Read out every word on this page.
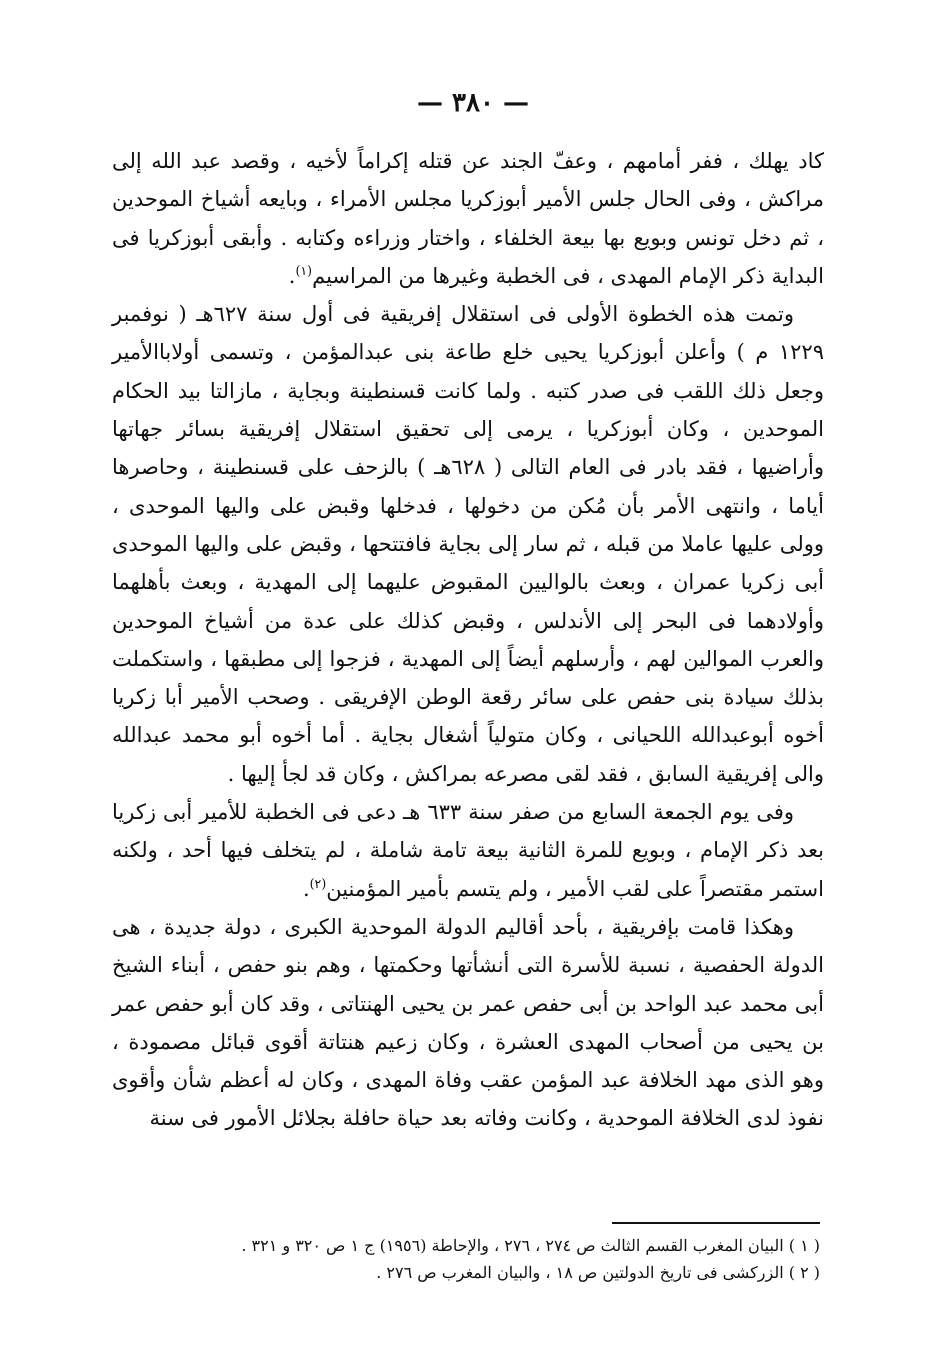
— ٣٨٠ —

كاد يهلك ، ففر أمامهم ، وعفّ الجند عن قتله إكراماً لأخيه ، وقصد عبد الله إلى مراكش ، وفى الحال جلس الأمير أبوزكريا مجلس الأمراء ، وبايعه أشياخ الموحدين ، ثم دخل تونس وبويع بها بيعة الخلفاء ، واختار وزراءه وكتابه . وأبقى أبوزكريا فى البداية ذكر الإمام المهدى ، فى الخطبة وغيرها من المراسيم$^{(١)}$.

وتمت هذه الخطوة الأولى فى استقلال إفريقية فى أول سنة ٦٢٧هـ ( نوفمبر ١٢٢٩ م ) وأعلن أبوزكريا يحيى خلع طاعة بنى عبدالمؤمن ، وتسمى أولاباالأمير وجعل ذلك اللقب فى صدر كتبه . ولما كانت قسنطينة وبجاية ، مازالتا بيد الحكام الموحدين ، وكان أبوزكريا ، يرمى إلى تحقيق استقلال إفريقية بسائر جهاتها وأراضيها ، فقد بادر فى العام التالى ( ٦٢٨هـ ) بالزحف على قسنطينة ، وحاصرها أياما ، وانتهى الأمر بأن مُكن من دخولها ، فدخلها وقبض على واليها الموحدى ، وولى عليها عاملا من قبله ، ثم سار إلى بجاية فافتتحها ، وقبض على واليها الموحدى أبى زكريا عمران ، وبعث بالواليين المقبوض عليهما إلى المهدية ، وبعث بأهلهما وأولادهما فى البحر إلى الأندلس ، وقبض كذلك على عدة من أشياخ الموحدين والعرب الموالين لهم ، وأرسلهم أيضاً إلى المهدية ، فزجوا إلى مطبقها ، واستكملت بذلك سيادة بنى حفص على سائر رقعة الوطن الإفريقى . وصحب الأمير أبا زكريا أخوه أبوعبدالله اللحيانى ، وكان متولياً أشغال بجاية . أما أخوه أبو محمد عبدالله والى إفريقية السابق ، فقد لقى مصرعه بمراكش ، وكان قد لجأ إليها .

وفى يوم الجمعة السابع من صفر سنة ٦٣٣ هـ دعى فى الخطبة للأمير أبى زكريا بعد ذكر الإمام ، وبويع للمرة الثانية بيعة تامة شاملة ، لم يتخلف فيها أحد ، ولكنه استمر مقتصراً على لقب الأمير ، ولم يتسم بأمير المؤمنين$^{(٢)}$.

وهكذا قامت بإفريقية ، بأحد أقاليم الدولة الموحدية الكبرى ، دولة جديدة ، هى الدولة الحفصية ، نسبة للأسرة التى أنشأتها وحكمتها ، وهم بنو حفص ، أبناء الشيخ أبى محمد عبد الواحد بن أبى حفص عمر بن يحيى الهنتاتى ، وقد كان أبو حفص عمر بن يحيى من أصحاب المهدى العشرة ، وكان زعيم هنتاتة أقوى قبائل مصمودة ، وهو الذى مهد الخلافة عبد المؤمن عقب وفاة المهدى ، وكان له أعظم شأن وأقوى نفوذ لدى الخلافة الموحدية ، وكانت وفاته بعد حياة حافلة بجلائل الأمور فى سنة

( ١ ) البيان المغرب القسم الثالث ص ٢٧٤ ، ٢٧٦ ، والإحاطة (١٩٥٦) ج ١ ص ٣٢٠ و ٣٢١ .

( ٢ ) الزركشى فى تاريخ الدولتين ص ١٨ ، والبيان المغرب ص ٢٧٦ .
